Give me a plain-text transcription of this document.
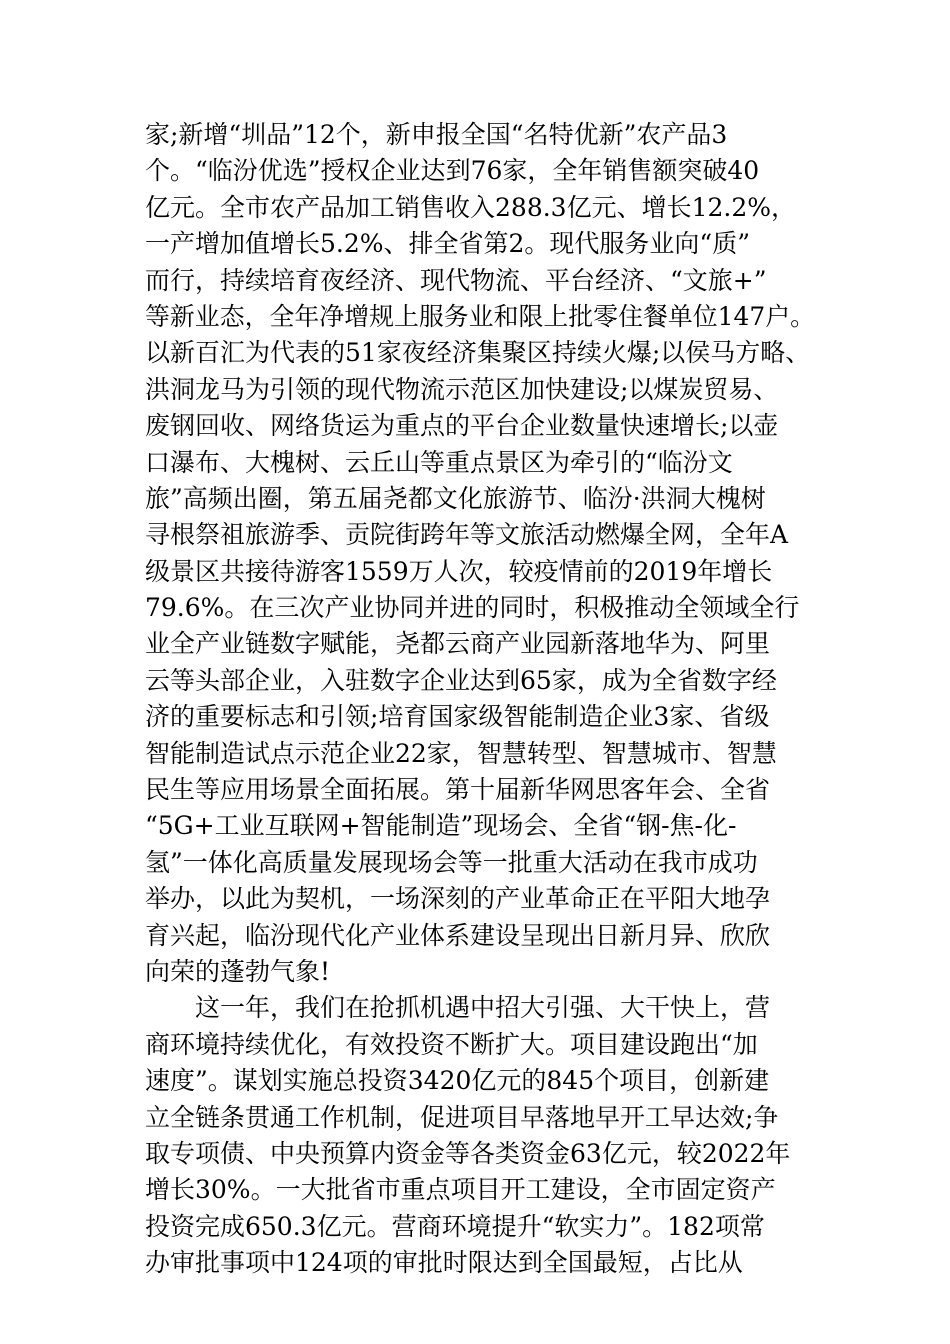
家;新增“圳品”12个，新申报全国“名特优新”农产品3
个。“临汾优选”授权企业达到76家，全年销售额突破40
亿元。全市农产品加工销售收入288.3亿元、增长12.2%，
一产增加值增长5.2%、排全省第2。现代服务业向“质”
而行，持续培育夜经济、现代物流、平台经济、“文旅+”
等新业态，全年净增规上服务业和限上批零住餐单位147户。
以新百汇为代表的51家夜经济集聚区持续火爆;以侯马方略、
洪洞龙马为引领的现代物流示范区加快建设;以煤炭贸易、
废钢回收、网络货运为重点的平台企业数量快速增长;以壶
口瀑布、大槐树、云丘山等重点景区为牵引的“临汾文
旅”高频出圈，第五届尧都文化旅游节、临汾·洪洞大槐树
寻根祭祖旅游季、贡院街跨年等文旅活动燃爆全网，全年A
级景区共接待游客1559万人次，较疫情前的2019年增长
79.6%。在三次产业协同并进的同时，积极推动全领域全行
业全产业链数字赋能，尧都云商产业园新落地华为、阿里
云等头部企业，入驻数字企业达到65家，成为全省数字经
济的重要标志和引领;培育国家级智能制造企业3家、省级
智能制造试点示范企业22家，智慧转型、智慧城市、智慧
民生等应用场景全面拓展。第十届新华网思客年会、全省
“5G+工业互联网+智能制造”现场会、全省“钢-焦-化-
氢”一体化高质量发展现场会等一批重大活动在我市成功
举办，以此为契机，一场深刻的产业革命正在平阳大地孕
育兴起，临汾现代化产业体系建设呈现出日新月异、欣欣
向荣的蓬勃气象!
这一年，我们在抢抓机遇中招大引强、大干快上，营
商环境持续优化，有效投资不断扩大。项目建设跑出“加
速度”。谋划实施总投资3420亿元的845个项目，创新建
立全链条贯通工作机制，促进项目早落地早开工早达效;争
取专项债、中央预算内资金等各类资金63亿元，较2022年
增长30%。一大批省市重点项目开工建设，全市固定资产
投资完成650.3亿元。营商环境提升“软实力”。182项常
办审批事项中124项的审批时限达到全国最短，占比从
